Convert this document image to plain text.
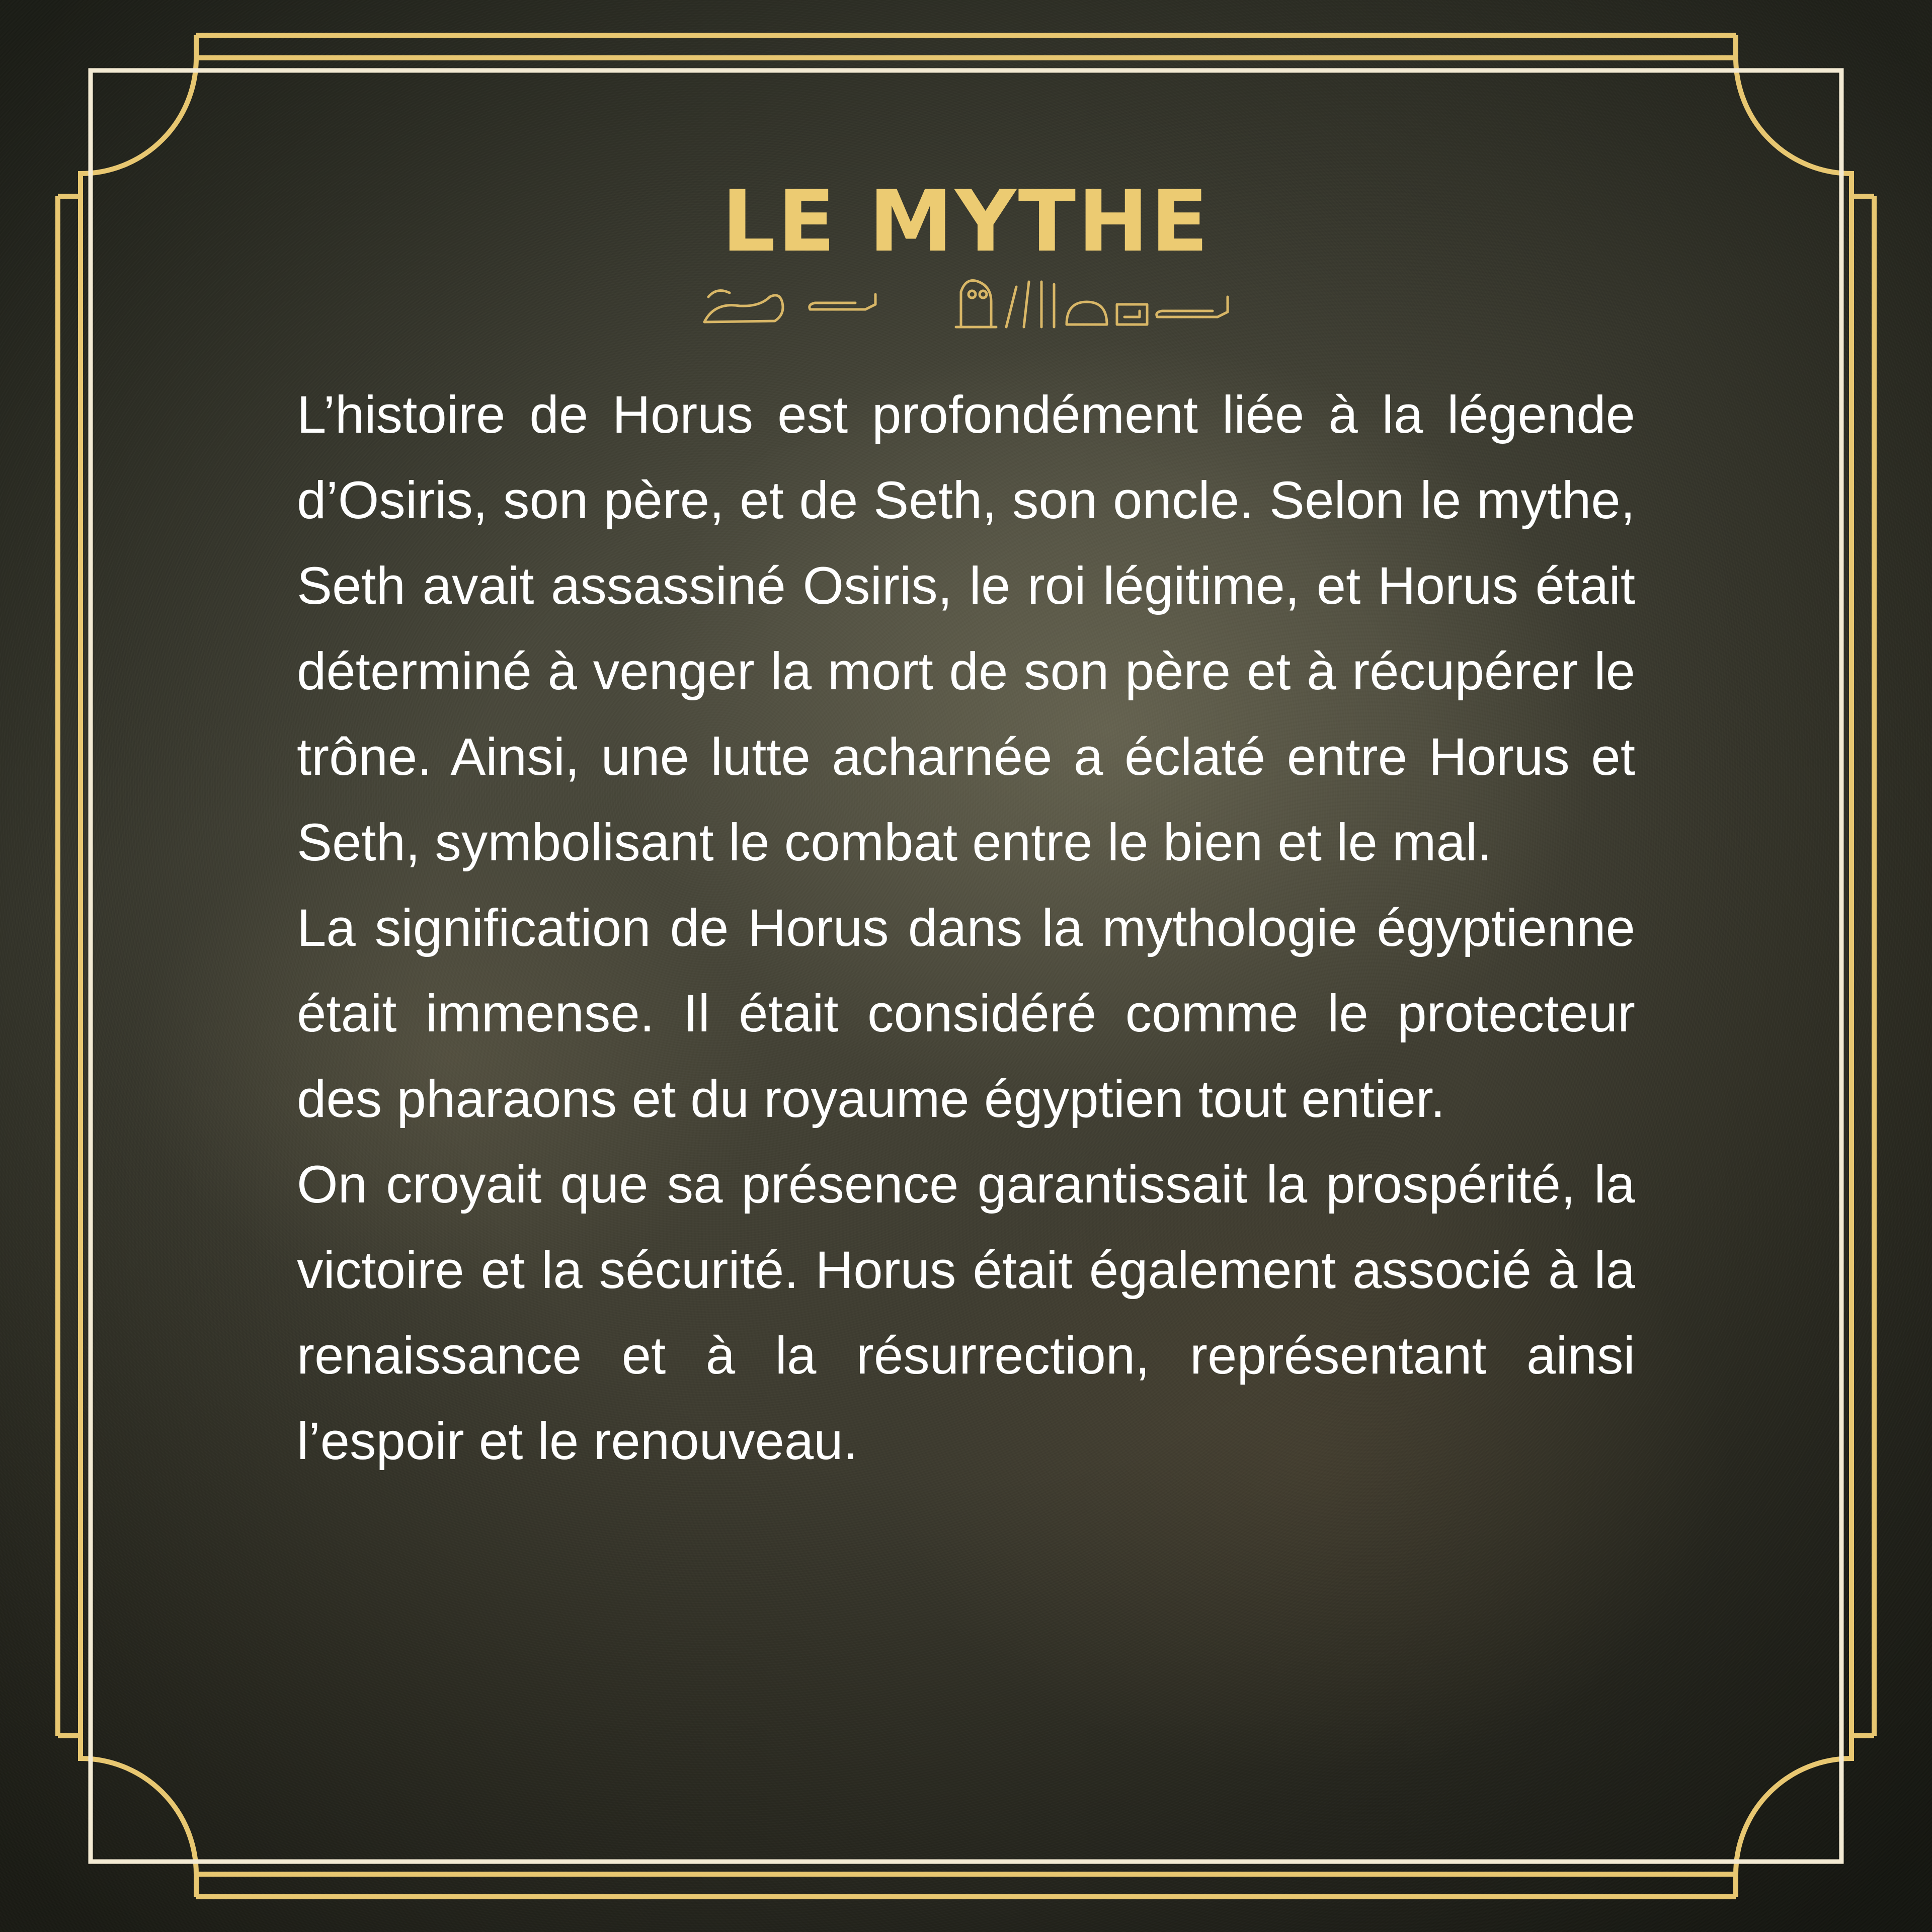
LE MYTHE

L’histoire de Horus est profondément liée à la légende d’Osiris, son père, et de Seth, son oncle. Selon le mythe, Seth avait assassiné Osiris, le roi légitime, et Horus était déterminé à venger la mort de son père et à récupérer le trône. Ainsi, une lutte acharnée a éclaté entre Horus et Seth, symbolisant le combat entre le bien et le mal.

La signification de Horus dans la mythologie égyptienne était immense. Il était considéré comme le protecteur des pharaons et du royaume égyptien tout entier.

On croyait que sa présence garantissait la prospérité, la victoire et la sécurité. Horus était également associé à la renaissance et à la résurrection, représentant ainsi l’espoir et le renouveau.
